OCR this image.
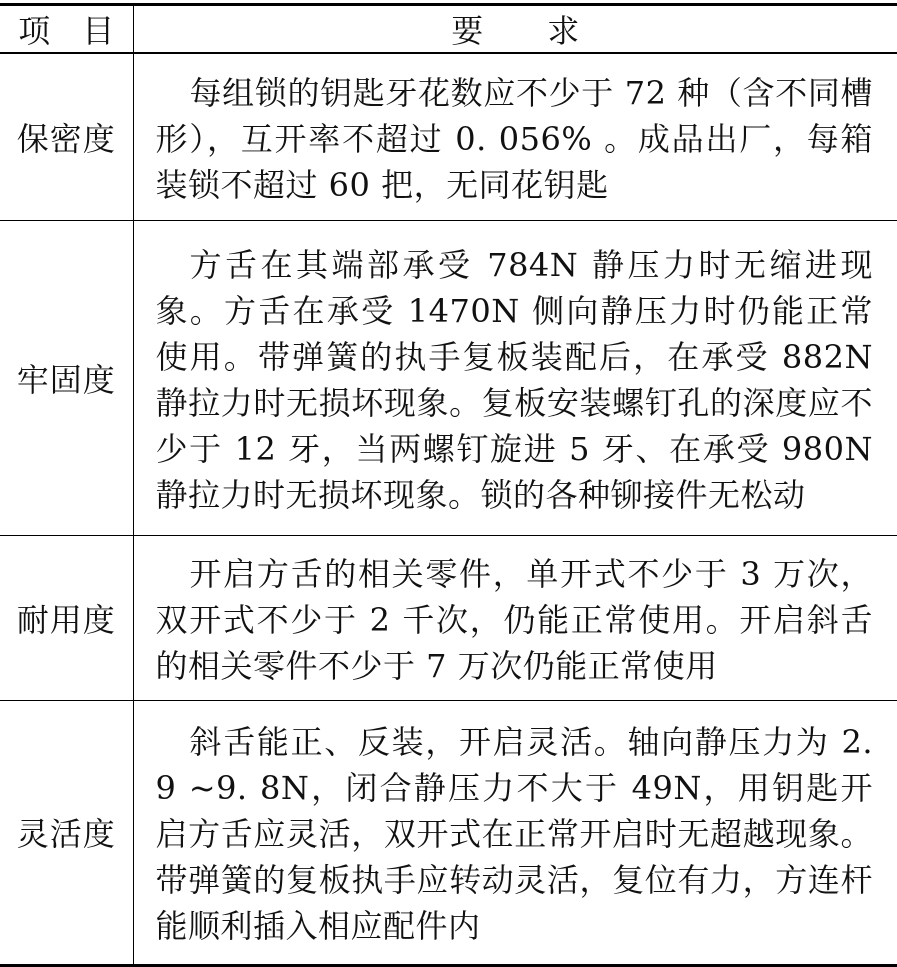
项　目	要　　求
保密度	每组锁的钥匙牙花数应不少于 72 种（含不同槽形），互开率不超过 0. 056% 。成品出厂，每箱装锁不超过 60 把，无同花钥匙
牢固度	方舌在其端部承受 784N 静压力时无缩进现象。方舌在承受 1470N 侧向静压力时仍能正常使用。带弹簧的执手复板装配后，在承受 882N 静拉力时无损坏现象。复板安装螺钉孔的深度应不少于 12 牙，当两螺钉旋进 5 牙、在承受 980N 静拉力时无损坏现象。锁的各种铆接件无松动
耐用度	开启方舌的相关零件，单开式不少于 3 万次，双开式不少于 2 千次，仍能正常使用。开启斜舌的相关零件不少于 7 万次仍能正常使用
灵活度	斜舌能正、反装，开启灵活。轴向静压力为 2. 9 ~9. 8N，闭合静压力不大于 49N，用钥匙开启方舌应灵活，双开式在正常开启时无超越现象。带弹簧的复板执手应转动灵活，复位有力，方连杆能顺利插入相应配件内
